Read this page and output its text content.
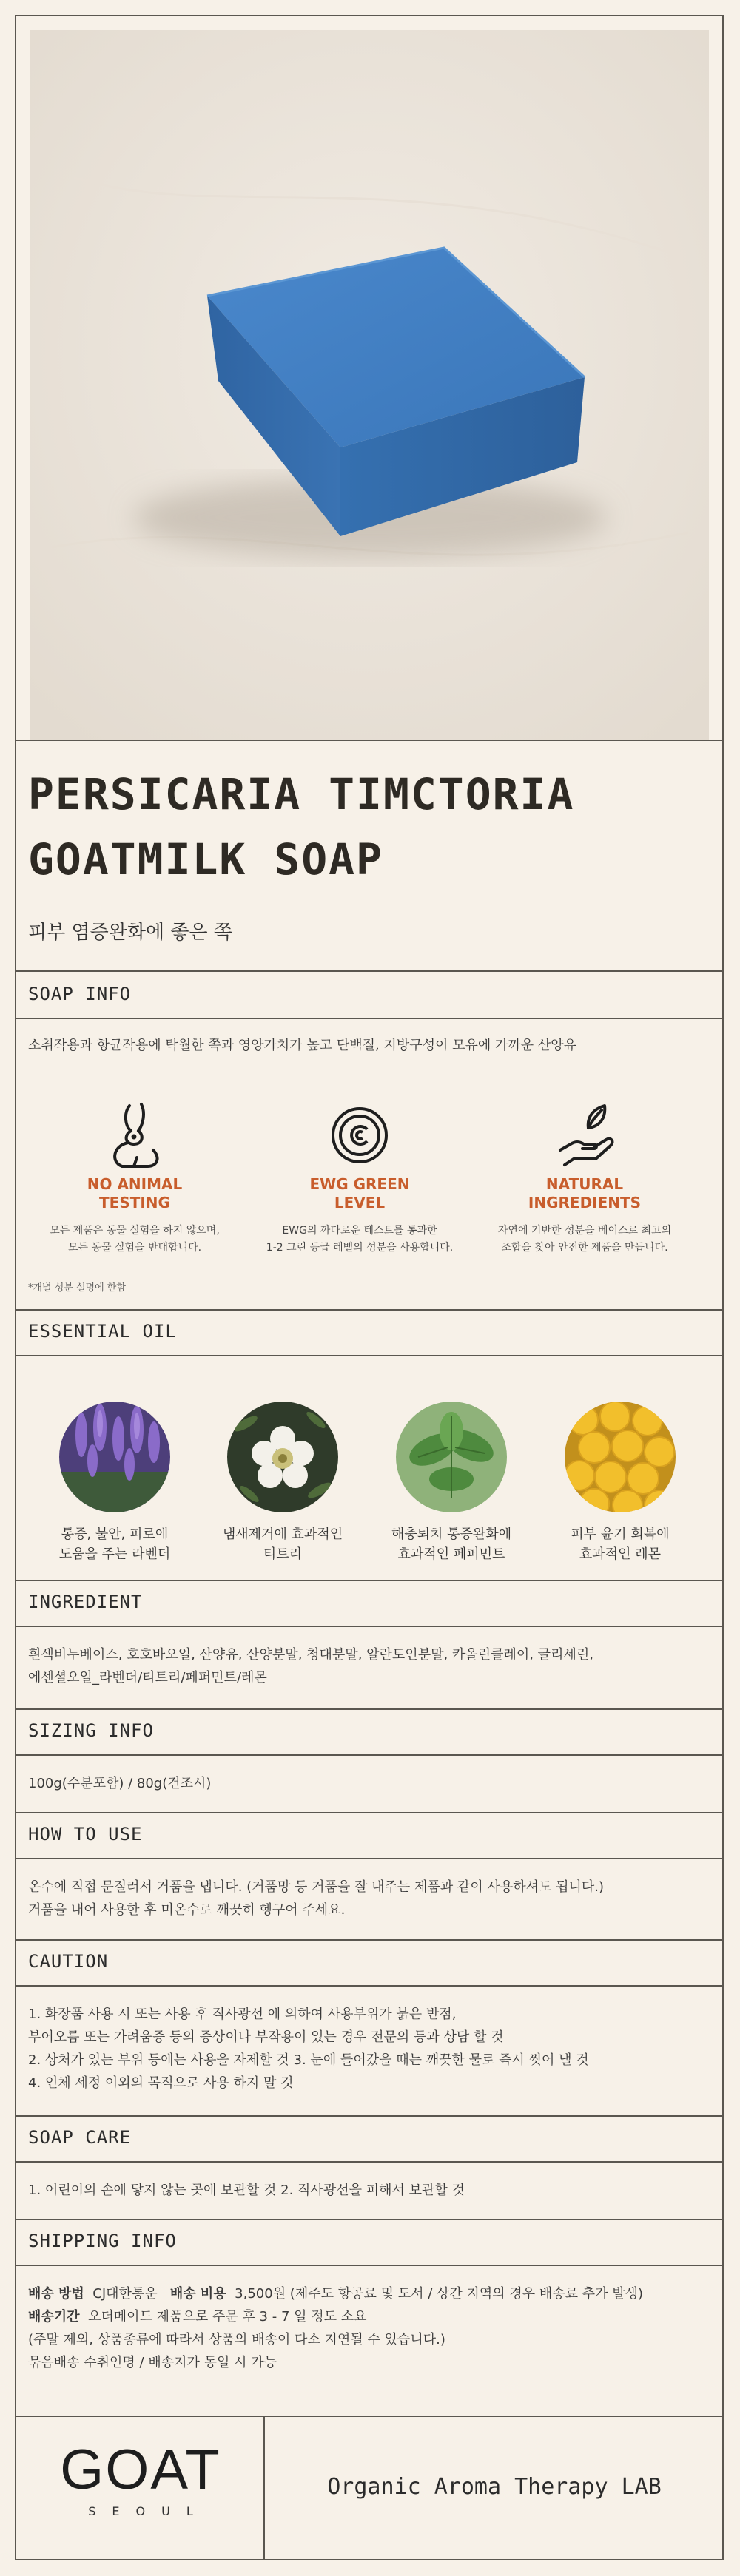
PERSICARIA TIMCTORIA
GOATMILK SOAP
피부 염증완화에 좋은 쪽
SOAP INFO
소취작용과 항균작용에 탁월한 쪽과 영양가치가 높고 단백질, 지방구성이 모유에 가까운 산양유
NO ANIMAL
TESTING
모든 제품은 동물 실험을 하지 않으며,
모든 동물 실험을 반대합니다.
EWG GREEN
LEVEL
EWG의 까다로운 테스트를 통과한
1-2 그린 등급 레벨의 성분을 사용합니다.
NATURAL
INGREDIENTS
자연에 기반한 성분을 베이스로 최고의
조합을 찾아 안전한 제품을 만듭니다.
*개별 성분 설명에 한함
ESSENTIAL OIL
통증, 불안, 피로에
도움을 주는 라벤더
냄새제거에 효과적인
티트리
해충퇴치 통증완화에
효과적인 페퍼민트
피부 윤기 회복에
효과적인 레몬
INGREDIENT
흰색비누베이스, 호호바오일, 산양유, 산양분말, 청대분말, 알란토인분말, 카올린클레이, 글리세린,
에센셜오일_라벤더/티트리/페퍼민트/레몬
SIZING INFO
100g(수분포함) / 80g(건조시)
HOW TO USE
온수에 직접 문질러서 거품을 냅니다. (거품망 등 거품을 잘 내주는 제품과 같이 사용하셔도 됩니다.)
거품을 내어 사용한 후 미온수로 깨끗히 헹구어 주세요.
CAUTION
1. 화장품 사용 시 또는 사용 후 직사광선 에 의하여 사용부위가 붉은 반점,
부어오름 또는 가려움증 등의 증상이나 부작용이 있는 경우 전문의 등과 상담 할 것
2. 상처가 있는 부위 등에는 사용을 자제할 것 3. 눈에 들어갔을 때는 깨끗한 물로 즉시 씻어 낼 것
4. 인체 세정 이외의 목적으로 사용 하지 말 것
SOAP CARE
1. 어린이의 손에 닿지 않는 곳에 보관할 것 2. 직사광선을 피해서 보관할 것
SHIPPING INFO
배송 방법 CJ대한통운 배송 비용 3,500원 (제주도 항공료 및 도서 / 상간 지역의 경우 배송료 추가 발생)
배송기간 오더메이드 제품으로 주문 후 3 - 7 일 정도 소요
(주말 제외, 상품종류에 따라서 상품의 배송이 다소 지연될 수 있습니다.)
묶음배송 수취인명 / 배송지가 동일 시 가능
GOAT
SEOUL
Organic Aroma Therapy LAB
